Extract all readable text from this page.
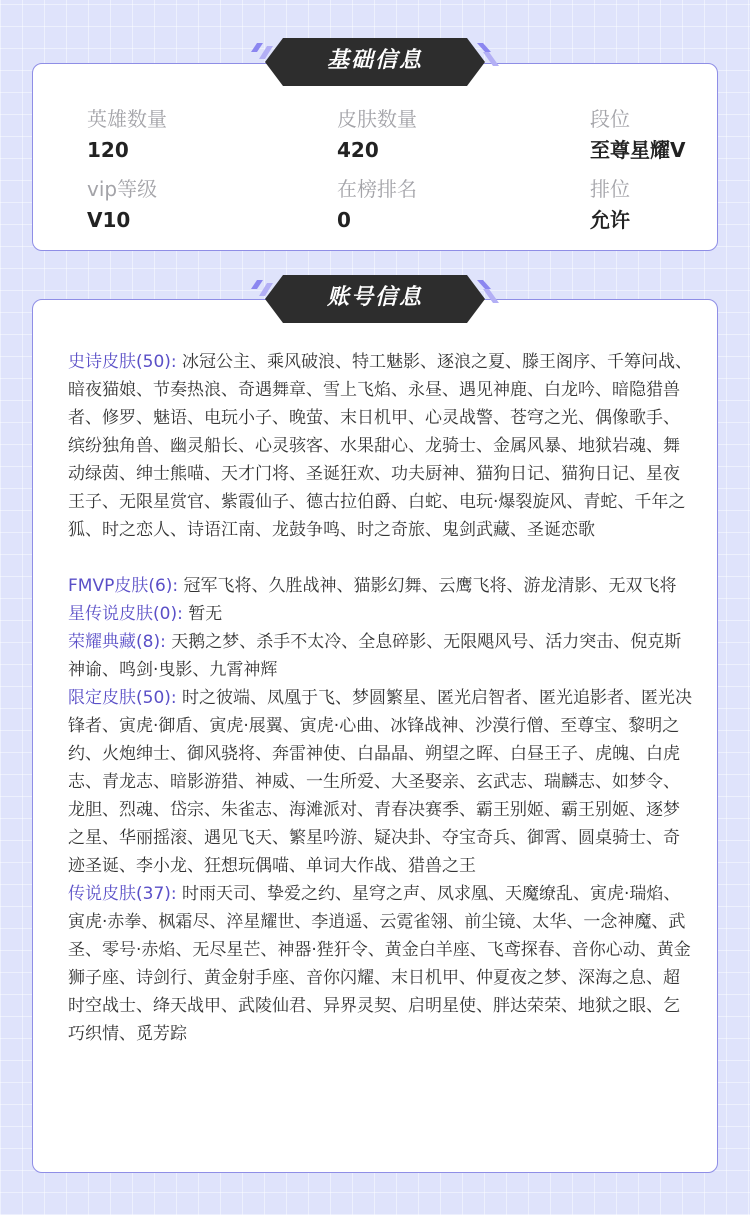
英雄数量
120
皮肤数量
420
段位
至尊星耀V
vip等级
V10
在榜排名
0
排位
允许
基础信息
史诗皮肤(50): 冰冠公主、乘风破浪、特工魅影、逐浪之夏、滕王阁序、千筹问战、暗夜猫娘、节奏热浪、奇遇舞章、雪上飞焰、永昼、遇见神鹿、白龙吟、暗隐猎兽者、修罗、魅语、电玩小子、晚萤、末日机甲、心灵战警、苍穹之光、偶像歌手、缤纷独角兽、幽灵船长、心灵骇客、水果甜心、龙骑士、金属风暴、地狱岩魂、舞动绿茵、绅士熊喵、天才门将、圣诞狂欢、功夫厨神、猫狗日记、猫狗日记、星夜王子、无限星赏官、紫霞仙子、德古拉伯爵、白蛇、电玩·爆裂旋风、青蛇、千年之狐、时之恋人、诗语江南、龙鼓争鸣、时之奇旅、鬼剑武藏、圣诞恋歌
FMVP皮肤(6): 冠军飞将、久胜战神、猫影幻舞、云鹰飞将、游龙清影、无双飞将
星传说皮肤(0): 暂无
荣耀典藏(8): 天鹅之梦、杀手不太冷、全息碎影、无限飓风号、活力突击、倪克斯神谕、鸣剑·曳影、九霄神辉
限定皮肤(50): 时之彼端、凤凰于飞、梦圆繁星、匿光启智者、匿光追影者、匿光决锋者、寅虎·御盾、寅虎·展翼、寅虎·心曲、冰锋战神、沙漠行僧、至尊宝、黎明之约、火炮绅士、御风骁将、奔雷神使、白晶晶、朔望之晖、白昼王子、虎魄、白虎志、青龙志、暗影游猎、神威、一生所爱、大圣娶亲、玄武志、瑞麟志、如梦令、龙胆、烈魂、岱宗、朱雀志、海滩派对、青春决赛季、霸王别姬、霸王别姬、逐梦之星、华丽摇滚、遇见飞天、繁星吟游、疑决卦、夺宝奇兵、御霄、圆桌骑士、奇迹圣诞、李小龙、狂想玩偶喵、单词大作战、猎兽之王
传说皮肤(37): 时雨天司、挚爱之约、星穹之声、凤求凰、天魔缭乱、寅虎·瑞焰、寅虎·赤拳、枫霜尽、淬星耀世、李逍遥、云霓雀翎、前尘镜、太华、一念神魔、武圣、零号·赤焰、无尽星芒、神器·狴犴令、黄金白羊座、飞鸢探春、音你心动、黄金狮子座、诗剑行、黄金射手座、音你闪耀、末日机甲、仲夏夜之梦、深海之息、超时空战士、绛天战甲、武陵仙君、异界灵契、启明星使、胖达荣荣、地狱之眼、乞巧织情、觅芳踪
账号信息
